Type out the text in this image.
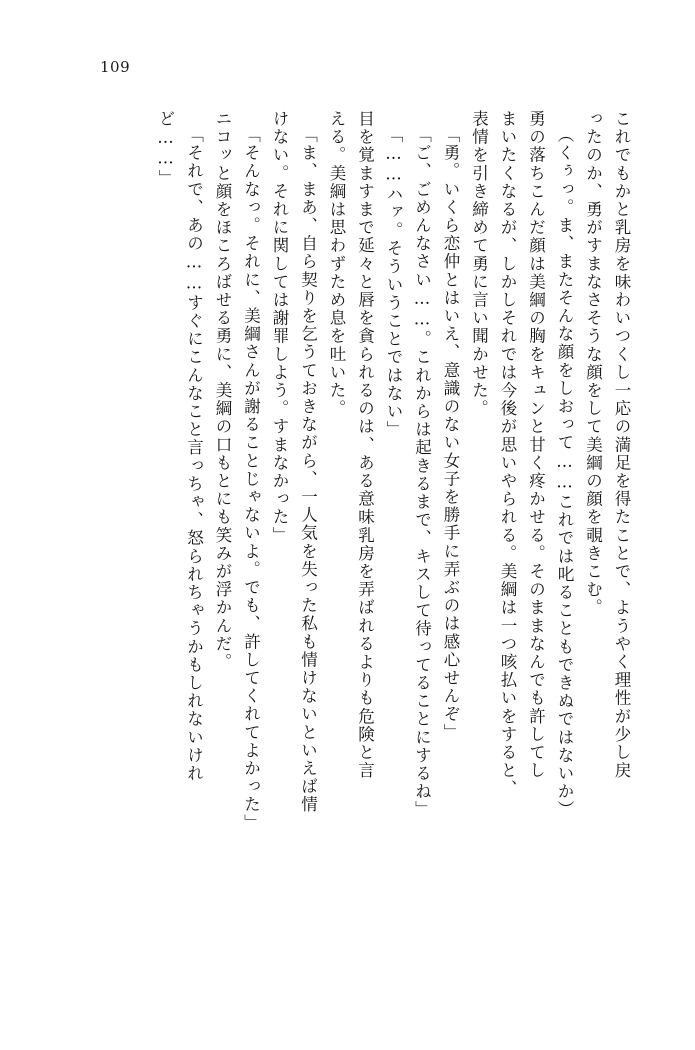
109
これでもかと乳房を味わいつくし一応の満足を得たことで、ようやく理性が少し戻
ったのか、勇がすまなさそうな顔をして美綱の顔を覗きこむ。
（くぅっ。ま、またそんな顔をしおって……これでは叱ることもできぬではないか）
勇の落ちこんだ顔は美綱の胸をキュンと甘く疼かせる。そのままなんでも許してし
まいたくなるが、しかしそれでは今後が思いやられる。美綱は一つ咳払いをすると、
表情を引き締めて勇に言い聞かせた。
「勇。いくら恋仲とはいえ、意識のない女子を勝手に弄ぶのは感心せんぞ」
「ご、ごめんなさい……。これからは起きるまで、キスして待ってることにするね」
「……ハァ。そういうことではない」
目を覚ますまで延々と唇を貪られるのは、ある意味乳房を弄ばれるよりも危険と言
える。美綱は思わずため息を吐いた。
「ま、まあ、自ら契りを乞うておきながら、一人気を失った私も情けないといえば情
けない。それに関しては謝罪しよう。すまなかった」
「そんなっ。それに、美綱さんが謝ることじゃないよ。でも、許してくれてよかった」
ニコッと顔をほころばせる勇に、美綱の口もとにも笑みが浮かんだ。
「それで、あの……すぐにこんなこと言っちゃ、怒られちゃうかもしれないけれ
ど……」
